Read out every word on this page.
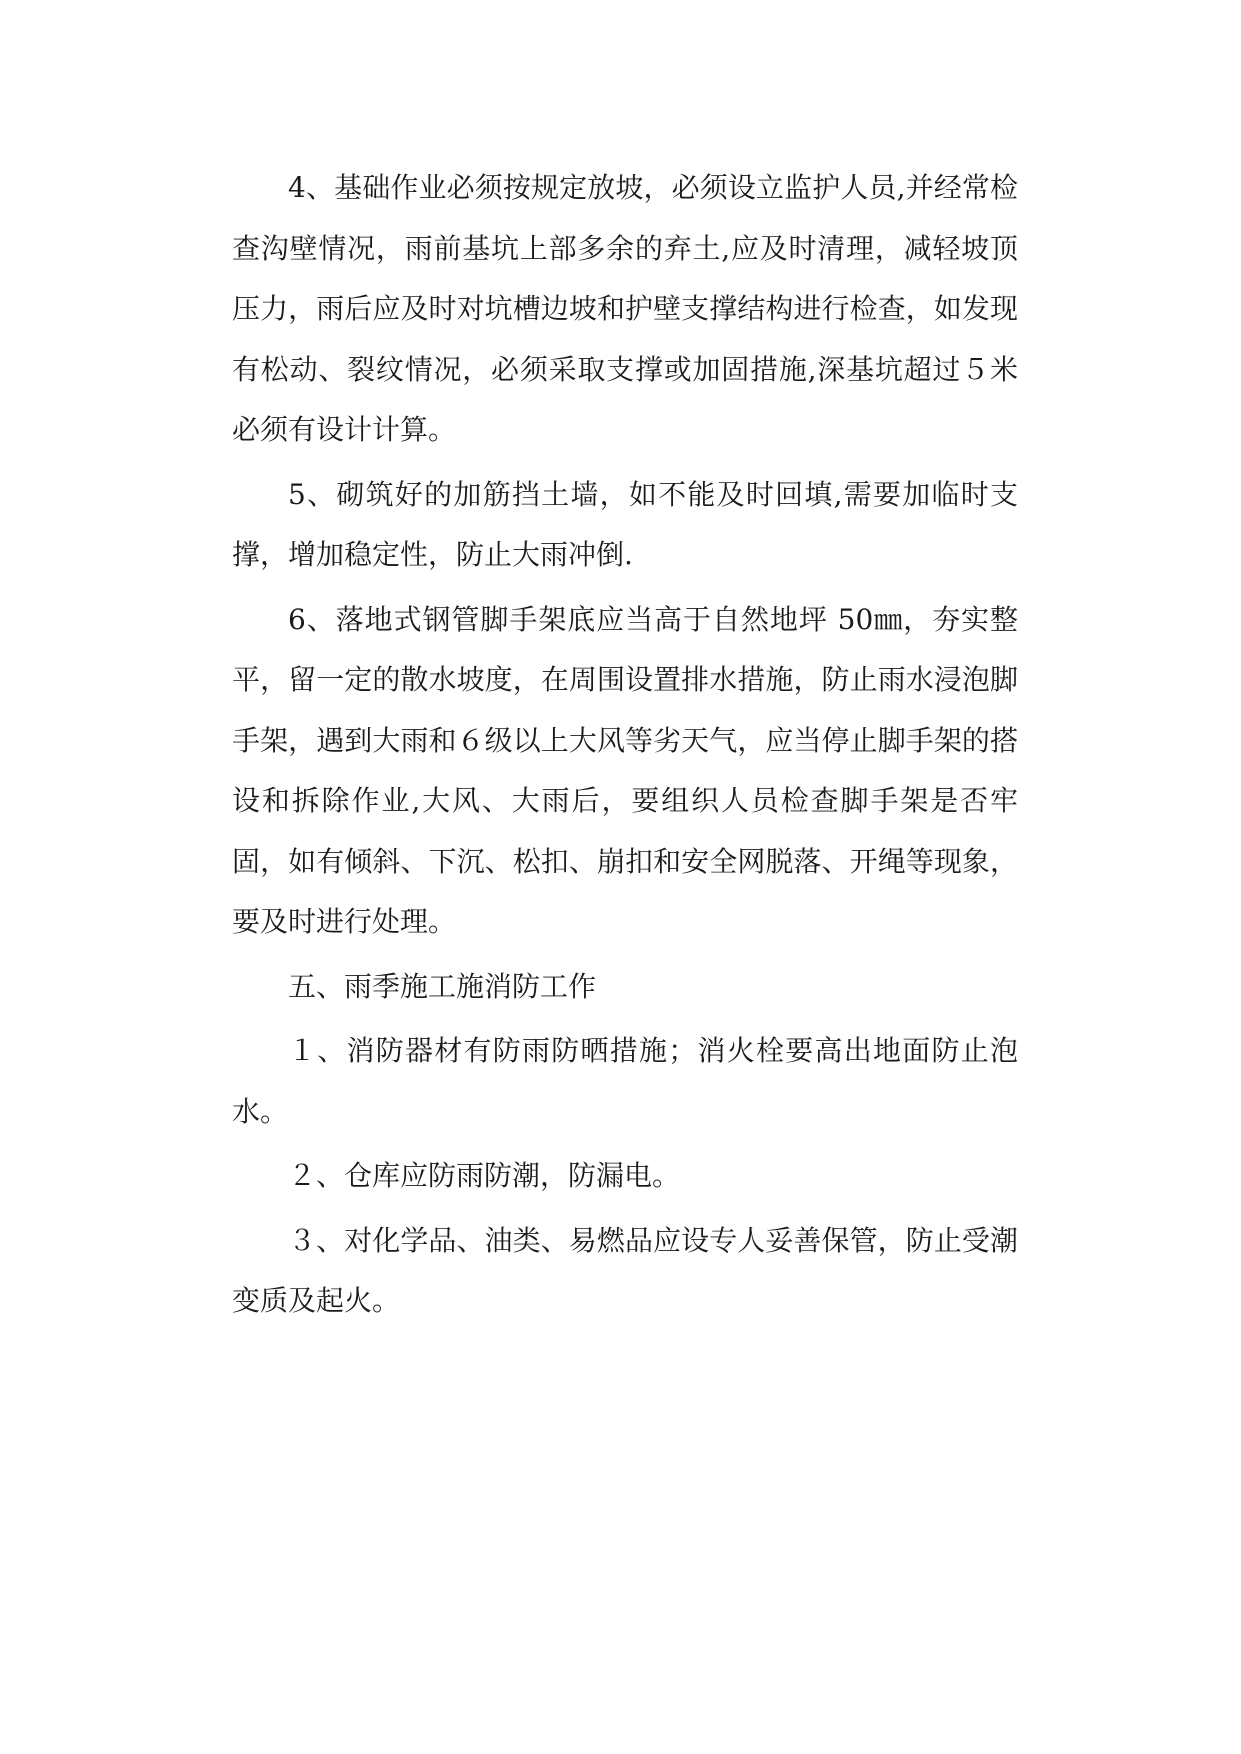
4、基础作业必须按规定放坡，必须设立监护人员,并经常检查沟壁情况，雨前基坑上部多余的弃土,应及时清理，减轻坡顶压力，雨后应及时对坑槽边坡和护壁支撑结构进行检查，如发现有松动、裂纹情况，必须采取支撑或加固措施,深基坑超过５米必须有设计计算。

5、砌筑好的加筋挡土墙，如不能及时回填,需要加临时支撑，增加稳定性，防止大雨冲倒.

6、落地式钢管脚手架底应当高于自然地坪 50㎜，夯实整平，留一定的散水坡度，在周围设置排水措施，防止雨水浸泡脚手架，遇到大雨和６级以上大风等劣天气，应当停止脚手架的搭设和拆除作业,大风、大雨后，要组织人员检查脚手架是否牢固，如有倾斜、下沉、松扣、崩扣和安全网脱落、开绳等现象，要及时进行处理。

五、雨季施工施消防工作

１、消防器材有防雨防晒措施；消火栓要高出地面防止泡水。

２、仓库应防雨防潮，防漏电。

３、对化学品、油类、易燃品应设专人妥善保管，防止受潮变质及起火。
